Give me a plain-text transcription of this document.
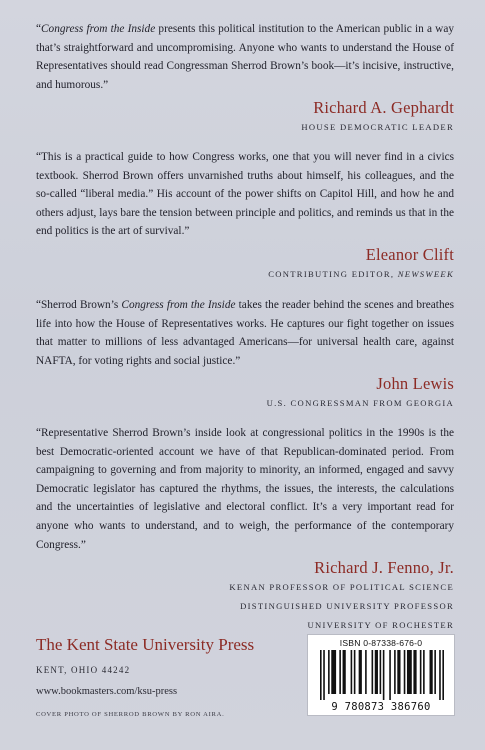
“Congress from the Inside presents this political institution to the American public in a way that’s straightforward and uncompromising. Anyone who wants to understand the House of Representatives should read Congressman Sherrod Brown’s book—it’s incisive, instructive, and humorous.”

Richard A. Gephardt

HOUSE DEMOCRATIC LEADER

“This is a practical guide to how Congress works, one that you will never find in a civics textbook. Sherrod Brown offers unvarnished truths about himself, his colleagues, and the so-called “liberal media.” His account of the power shifts on Capitol Hill, and how he and others adjust, lays bare the tension between principle and politics, and reminds us that in the end politics is the art of survival.”

Eleanor Clift

CONTRIBUTING EDITOR, NEWSWEEK

“Sherrod Brown’s Congress from the Inside takes the reader behind the scenes and breathes life into how the House of Representatives works. He captures our fight together on issues that matter to millions of less advantaged Americans—for universal health care, against NAFTA, for voting rights and social justice.”

John Lewis

U.S. CONGRESSMAN FROM GEORGIA

“Representative Sherrod Brown’s inside look at congressional politics in the 1990s is the best Democratic-oriented account we have of that Republican-dominated period. From campaigning to governing and from majority to minority, an informed, engaged and savvy Democratic legislator has captured the rhythms, the issues, the interests, the calculations and the uncertainties of legislative and electoral conflict. It’s a very important read for anyone who wants to understand, and to weigh, the performance of the contemporary Congress.”

Richard J. Fenno, Jr.

KENAN PROFESSOR OF POLITICAL SCIENCE

DISTINGUISHED UNIVERSITY PROFESSOR

UNIVERSITY OF ROCHESTER

The Kent State University Press

KENT, OHIO 44242

www.bookmasters.com/ksu-press

COVER PHOTO OF SHERROD BROWN BY RON AIRA.

ISBN 0-87338-676-0
9 780873 386760
